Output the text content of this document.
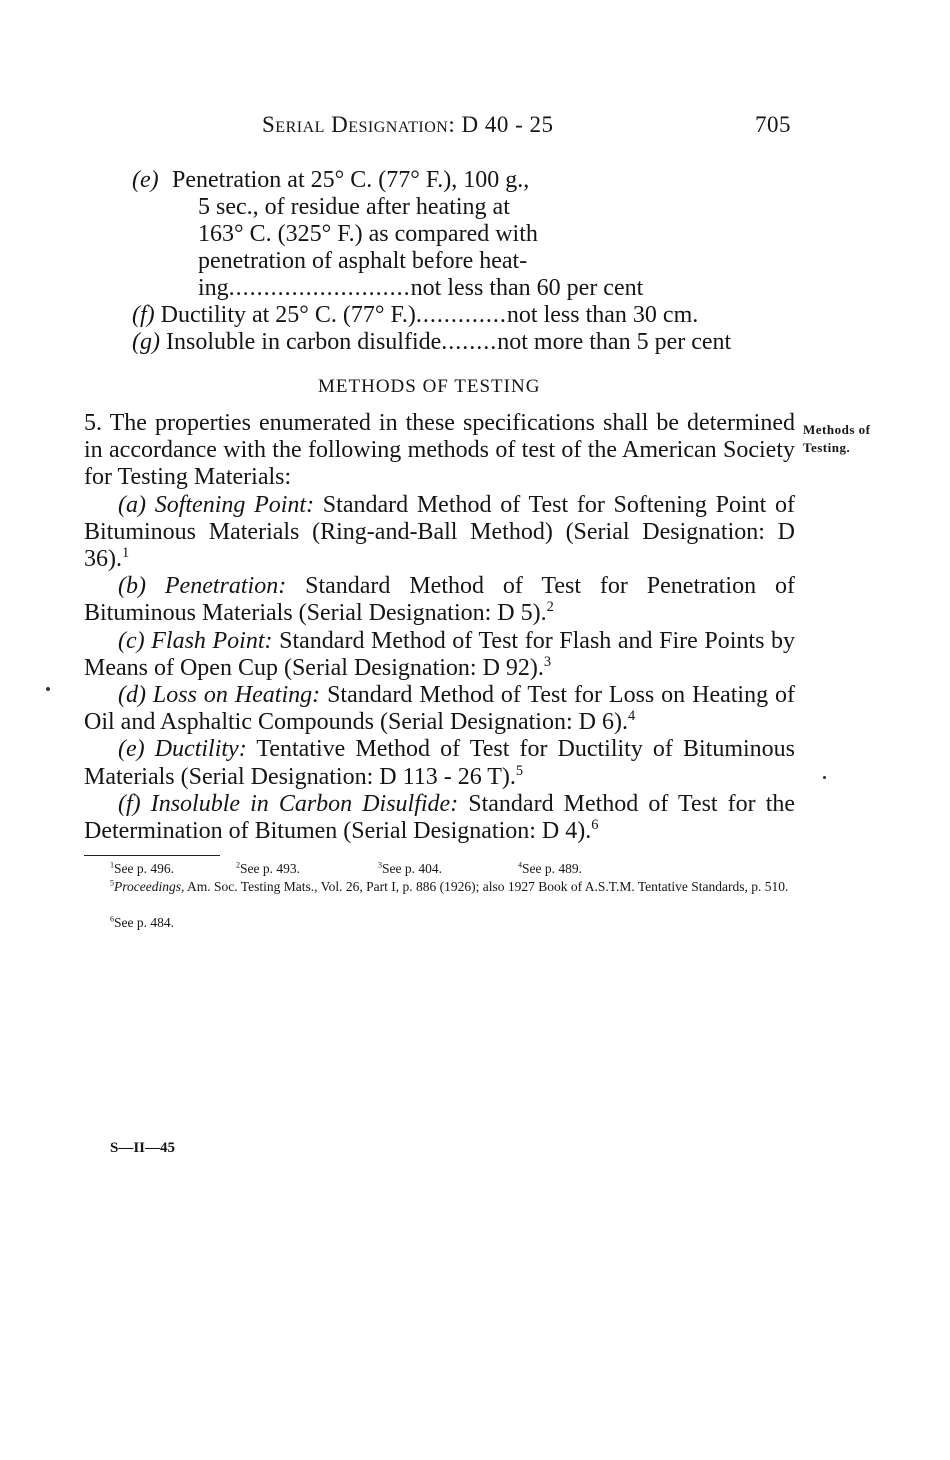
Serial Designation: D 40 - 25	705
(e) Penetration at 25° C. (77° F.), 100 g.,
5 sec., of residue after heating at
163° C. (325° F.) as compared with
penetration of asphalt before heat-
ing..........................not less than 60 per cent
(f) Ductility at 25° C. (77° F.).............not less than 30 cm.
(g) Insoluble in carbon disulfide........not more than 5 per cent
METHODS OF TESTING
Methods of
Testing.

5. The properties enumerated in these specifications shall be determined in accordance with the following methods of test of the American Society for Testing Materials:

(a) Softening Point: Standard Method of Test for Softening Point of Bituminous Materials (Ring-and-Ball Method) (Serial Designation: D 36).$^1$

(b) Penetration: Standard Method of Test for Penetration of Bituminous Materials (Serial Designation: D 5).$^2$

(c) Flash Point: Standard Method of Test for Flash and Fire Points by Means of Open Cup (Serial Designation: D 92).$^3$

(d) Loss on Heating: Standard Method of Test for Loss on Heating of Oil and Asphaltic Compounds (Serial Designation: D 6).$^4$

(e) Ductility: Tentative Method of Test for Ductility of Bituminous Materials (Serial Designation: D 113 - 26 T).$^5$

(f) Insoluble in Carbon Disulfide: Standard Method of Test for the Determination of Bitumen (Serial Designation: D 4).$^6$

$^1$See p. 496.	$^2$See p. 493.	$^3$See p. 404.	$^4$See p. 489.
$^5$Proceedings, Am. Soc. Testing Mats., Vol. 26, Part I, p. 886 (1926); also 1927 Book of A.S.T.M. Tentative Standards, p. 510.
$^6$See p. 484.
S—II—45
